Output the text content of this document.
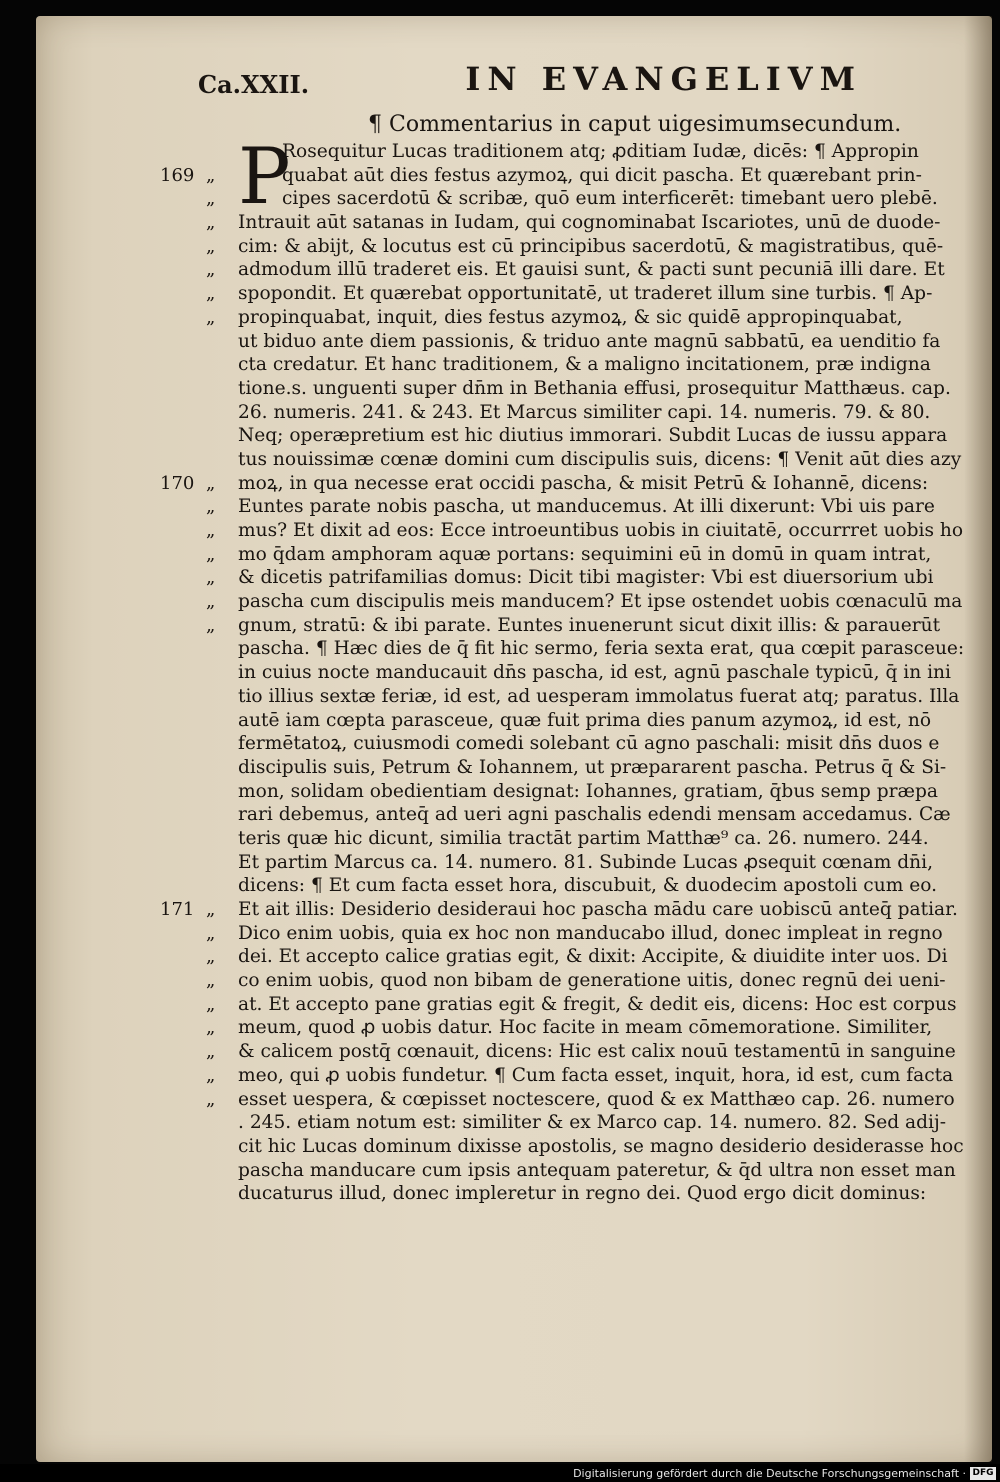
Ca.XXII.	IN EVANGELIVM
¶ Commentarius in caput uigesimumsecundum.
P
169 „
„
„
„
„
„
„
170 „
„
„
„
„
„
„
171 „
„
„
„
„
„
„
„
„
Rosequitur Lucas traditionem atq; ꝓditiam Iudæ, dicēs: ¶ Appropin
quabat aūt dies festus azymoꝝ, qui dicit pascha. Et quærebant prin-
cipes sacerdotū & scribæ, quō eum interficerēt: timebant uero plebē.
Intrauit aūt satanas in Iudam, qui cognominabat Iscariotes, unū de duode-
cim: & abijt, & locutus est cū principibus sacerdotū, & magistratibus, quē-
admodum illū traderet eis. Et gauisi sunt, & pacti sunt pecuniā illi dare. Et
spopondit. Et quærebat opportunitatē, ut traderet illum sine turbis. ¶ Ap-
propinquabat, inquit, dies festus azymoꝝ, & sic quidē appropinquabat,
ut biduo ante diem passionis, & triduo ante magnū sabbatū, ea uenditio fa
cta credatur. Et hanc traditionem, & a maligno incitationem, præ indigna
tione.s. unguenti super dn̄m in Bethania effusi, prosequitur Matthæus. cap.
26. numeris. 241. & 243. Et Marcus similiter capi. 14. numeris. 79. & 80.
Neq; operæpretium est hic diutius immorari. Subdit Lucas de iussu appara
tus nouissimæ cœnæ domini cum discipulis suis, dicens: ¶ Venit aūt dies azy
moꝝ, in qua necesse erat occidi pascha, & misit Petrū & Iohannē, dicens:
Euntes parate nobis pascha, ut manducemus. At illi dixerunt: Vbi uis pare
mus? Et dixit ad eos: Ecce introeuntibus uobis in ciuitatē, occurrret uobis ho
mo q̄dam amphoram aquæ portans: sequimini eū in domū in quam intrat,
& dicetis patrifamilias domus: Dicit tibi magister: Vbi est diuersorium ubi
pascha cum discipulis meis manducem? Et ipse ostendet uobis cœnaculū ma
gnum, stratū: & ibi parate. Euntes inuenerunt sicut dixit illis: & parauerūt
pascha. ¶ Hæc dies de q̄ fit hic sermo, feria sexta erat, qua cœpit parasceue:
in cuius nocte manducauit dn̄s pascha, id est, agnū paschale typicū, q̄ in ini
tio illius sextæ feriæ, id est, ad uesperam immolatus fuerat atq; paratus. Illa
autē iam cœpta parasceue, quæ fuit prima dies panum azymoꝝ, id est, nō
fermētatoꝝ, cuiusmodi comedi solebant cū agno paschali: misit dn̄s duos e
discipulis suis, Petrum & Iohannem, ut præpararent pascha. Petrus q̄ & Si-
mon, solidam obedientiam designat: Iohannes, gratiam, q̄bus semp præpa
rari debemus, anteq̄ ad ueri agni paschalis edendi mensam accedamus. Cæ
teris quæ hic dicunt, similia tractāt partim Matthæ⁹ ca. 26. numero. 244.
Et partim Marcus ca. 14. numero. 81. Subinde Lucas ꝓsequit cœnam dn̄i,
dicens: ¶ Et cum facta esset hora, discubuit, & duodecim apostoli cum eo.
Et ait illis: Desiderio desideraui hoc pascha mādu care uobiscū anteq̄ patiar.
Dico enim uobis, quia ex hoc non manducabo illud, donec impleat in regno
dei. Et accepto calice gratias egit, & dixit: Accipite, & diuidite inter uos. Di
co enim uobis, quod non bibam de generatione uitis, donec regnū dei ueni-
at. Et accepto pane gratias egit & fregit, & dedit eis, dicens: Hoc est corpus
meum, quod ꝓ uobis datur. Hoc facite in meam cōmemoratione. Similiter,
& calicem postq̄ cœnauit, dicens: Hic est calix nouū testamentū in sanguine
meo, qui ꝓ uobis fundetur. ¶ Cum facta esset, inquit, hora, id est, cum facta
esset uespera, & cœpisset noctescere, quod & ex Matthæo cap. 26. numero
. 245. etiam notum est: similiter & ex Marco cap. 14. numero. 82. Sed adij-
cit hic Lucas dominum dixisse apostolis, se magno desiderio desiderasse hoc
pascha manducare cum ipsis antequam pateretur, & q̄d ultra non esset man
ducaturus illud, donec impleretur in regno dei. Quod ergo dicit dominus:
Digitalisierung gefördert durch die Deutsche Forschungsgemeinschaft · DFG
